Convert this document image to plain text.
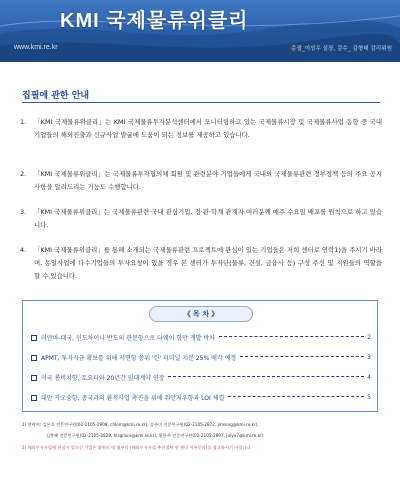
KMI 국제물류위클리
www.kmi.re.kr	총괄_이성우 실장, 감수_ 김형태 감리위원
집필에 관한 안내
1.	「KMI 국제물류위클리」는 KMI 국제물류투자분석센터에서 모니터링하고 있는 국제물류시장 및 국제물류사업 동향 중 국내기업들의 해외진출과 신규사업 발굴에 도움이 되는 정보를 제공하고 있습니다.
2.	「KMI 국제물류위클리」는 국제물류투자협의체 회원 및 관련분야 기업들에게 국내외 국제물류관련 정부정책 등의 주요 공지사항을 알려드리는 기능도 수행합니다.
3.	「KMI 국제물류위클리」는 국제물류관련 국내 관심기업, 정·관·학계 관계자 여러분께 매주 수요일 배포를 원칙으로 하고 있습니다.
4.	「KMI 국제물류위클리」를 통해 소개되는 국제물류관련 프로젝트에 관심이 있는 기업들은 저희 센터로 연락1)을 주시기 바라며, 동일사업에 다수기업들의 투자요청이 있을 경우 본 센터가 투자단(물류, 건설, 금융사 등) 구성 주선 및 지원들의 역할을 할 수 있습니다.
《 목 차 》
미얀마-태국, 인도차이나 반도의 관문항으로 다웨이 항만 개발 박차	2
APMT, 투자자금 확보를 위해 서면항 쑹위 '린' 터미널 지분 25% 매각 예정	3
미국 롱비치항, 토요타와 20년간 임대계약 연장	4
대만 카오슝항, 중국과의 환적사업 촉진을 위해 취안저우항과 LOI 체결	5
1) 연락처: 김은호 전문연구원(02-2105-2908, chkim@kmi.re.kr), 송주미 전문연구원(02-2105-2872, jmsong@kmi.re.kr),
김봉혜 전문연구원(02-2105-2828, hisgrace@kmi.re.kr), 황한주 전문연구원(02-2105-2897, julya7@kmi.re.kr)
2) 해외투자사업에 관심이 있으신 기업은 위원의 명 첨부의 (해외투자사업 추진절차 및 센터 이용문의)를 참고하시기 바랍니다.
